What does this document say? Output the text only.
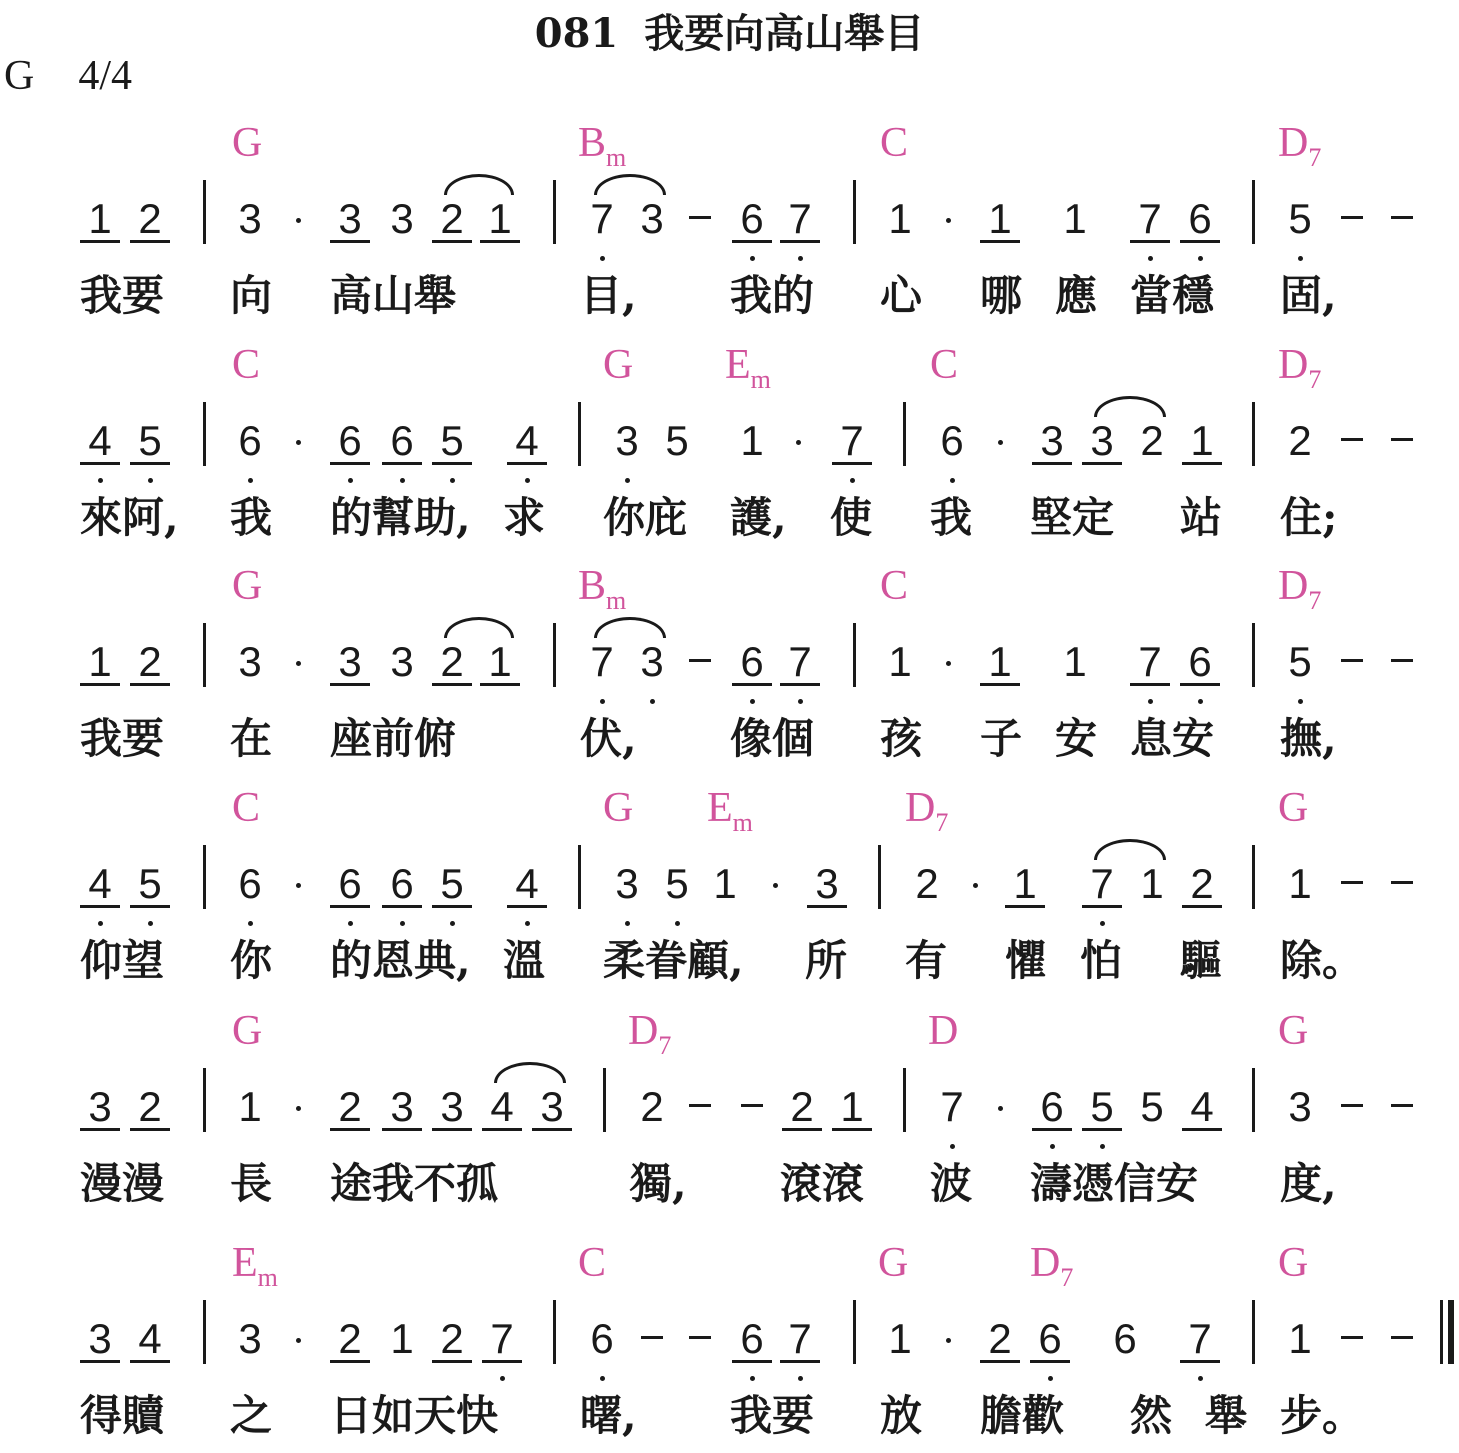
081 我要向高山舉目
G 4/4
G	$B_m$	C	$D_7$
1 2 3 3 3 2 1 7 3 6 7 1 1 1 7 6 5
我要 向 高山舉	目, 我的 心 哪 應 當穩 固,
C	G $E_m$	C	$D_7$
4 5 6 6 6 5 4 3 5 1 7 6 3 3 2 1 2
來阿, 我 的幫助, 求 你庇 護, 使 我 堅定 站 住;
G	$B_m$	C	$D_7$
1 2 3 3 3 2 1 7 3 6 7 1 1 1 7 6 5
我要 在 座前俯	伏, 像個 孩 子 安 息安 撫,
C	G $E_m$	$D_7$	G
4 5 6 6 6 5 4 3 5 1 3 2 1 7 1 2 1
仰望 你 的恩典, 溫 柔眷顧, 所 有 懼 怕 驅 除。
G	$D_7$	D	G
3 2 1 2 3 3 4 3 2	2 1 7 6 5 5 4 3
漫漫 長 途我不孤	獨, 滾滾 波 濤憑信安 度,
$E_m$	C	G	$D_7$	G
3 4 3 2 1 2 7 6	6 7 1 2 6 6 7 1
得贖 之 日如天快 曙, 我要 放 膽歡 然 舉 步。
